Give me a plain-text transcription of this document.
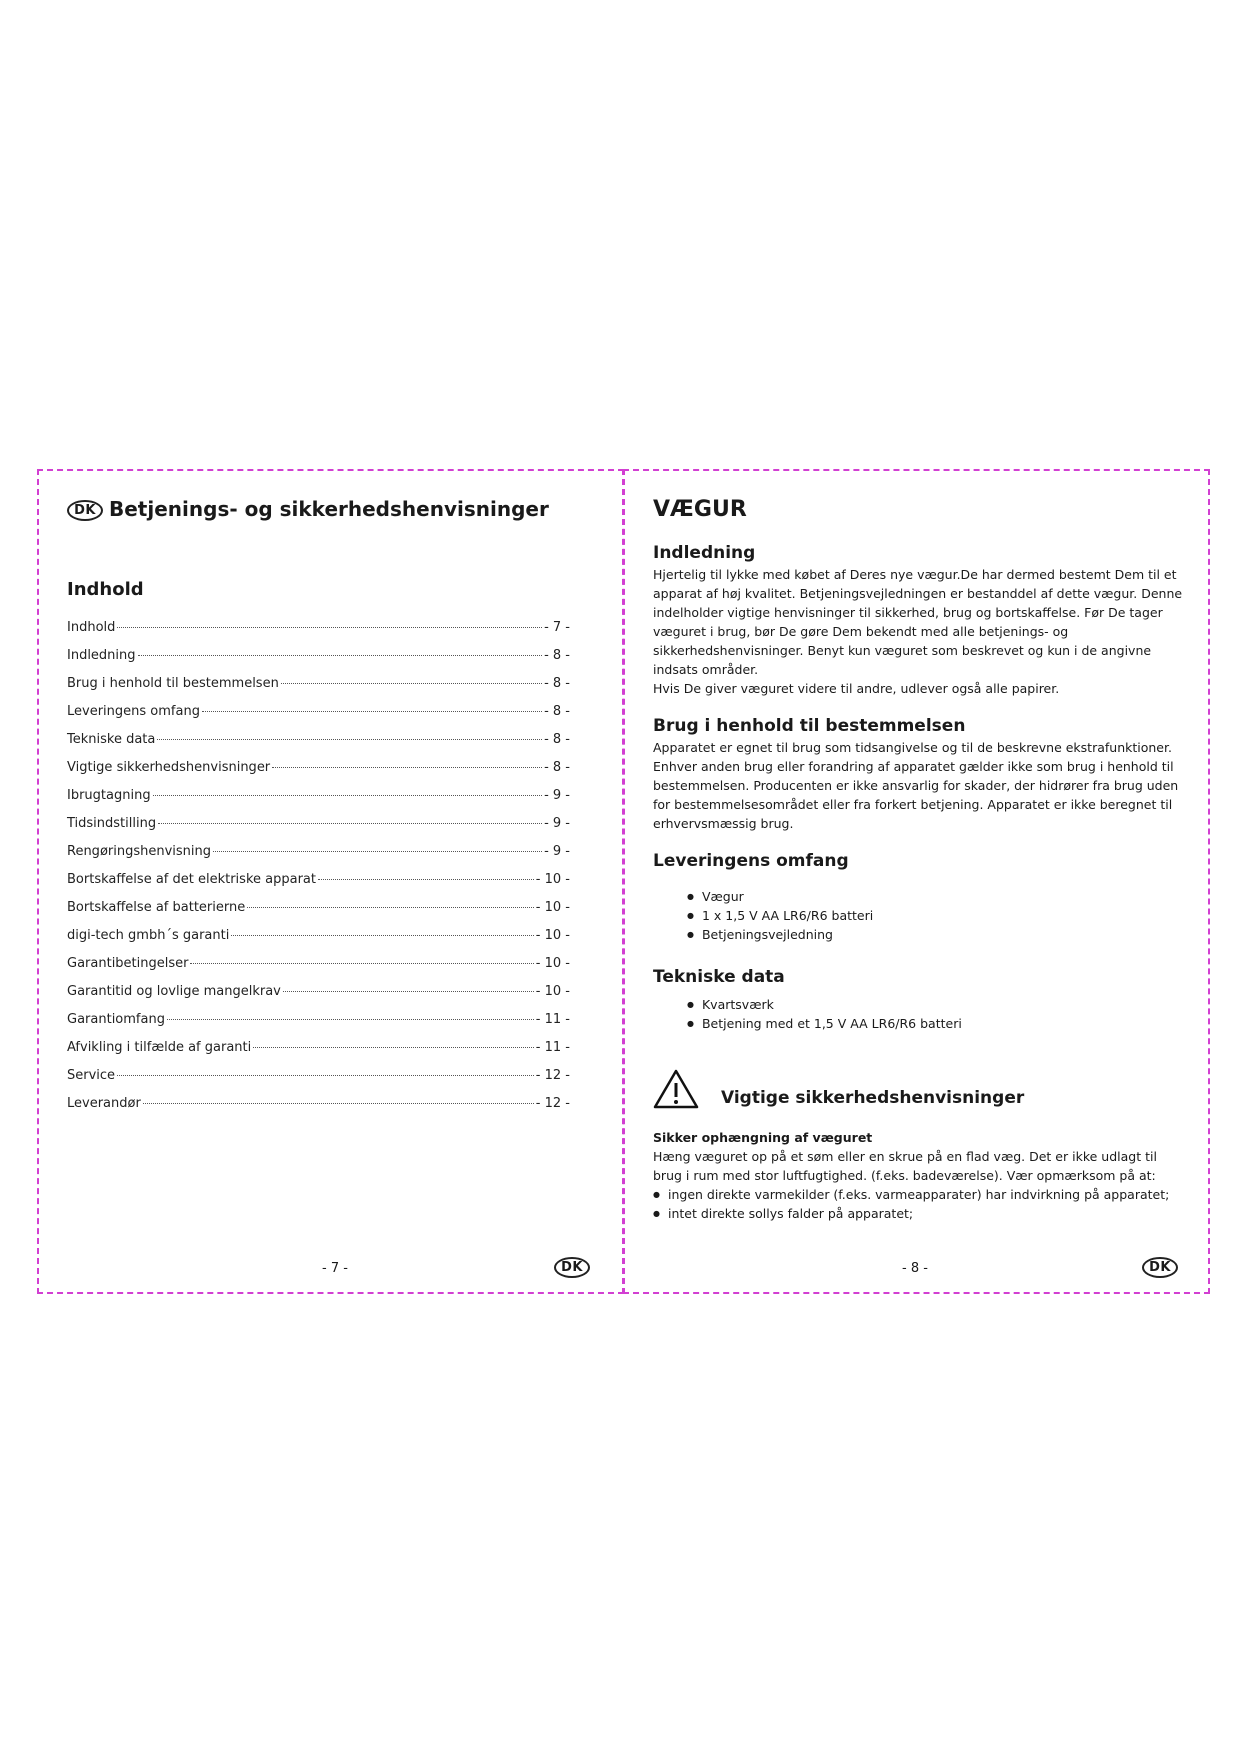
DK Betjenings- og sikkerhedshenvisninger
Indhold
Indhold	- 7 -
Indledning	- 8 -
Brug i henhold til bestemmelsen	- 8 -
Leveringens omfang	- 8 -
Tekniske data	- 8 -
Vigtige sikkerhedshenvisninger	- 8 -
Ibrugtagning	- 9 -
Tidsindstilling	- 9 -
Rengøringshenvisning	- 9 -
Bortskaffelse af det elektriske apparat	- 10 -
Bortskaffelse af batterierne	- 10 -
digi-tech gmbh´s garanti	- 10 -
Garantibetingelser	- 10 -
Garantitid og lovlige mangelkrav	- 10 -
Garantiomfang	- 11 -
Afvikling i tilfælde af garanti	- 11 -
Service	- 12 -
Leverandør	- 12 -
- 7 -	DK
VÆGUR
Indledning

Hjertelig til lykke med købet af Deres nye vægur.De har dermed bestemt Dem til et apparat af høj kvalitet. Betjeningsvejledningen er bestanddel af dette vægur. Denne indelholder vigtige henvisninger til sikkerhed, brug og bortskaffelse. Før De tager væguret i brug, bør De gøre Dem bekendt med alle betjenings- og sikkerhedshenvisninger. Benyt kun væguret som beskrevet og kun i de angivne indsats områder.

Hvis De giver væguret videre til andre, udlever også alle papirer.

Brug i henhold til bestemmelsen

Apparatet er egnet til brug som tidsangivelse og til de beskrevne ekstrafunktioner. Enhver anden brug eller forandring af apparatet gælder ikke som brug i henhold til bestemmelsen. Producenten er ikke ansvarlig for skader, der hidrører fra brug uden for bestemmelsesområdet eller fra forkert betjening. Apparatet er ikke beregnet til erhvervsmæssig brug.

Leveringens omfang
● Vægur
● 1 x 1,5 V AA LR6/R6 batteri
● Betjeningsvejledning
Tekniske data
● Kvartsværk
● Betjening med et 1,5 V AA LR6/R6 batteri
Vigtige sikkerhedshenvisninger

Sikker ophængning af væguret

Hæng væguret op på et søm eller en skrue på en flad væg. Det er ikke udlagt til brug i rum med stor luftfugtighed. (f.eks. badeværelse). Vær opmærksom på at:

● ingen direkte varmekilder (f.eks. varmeapparater) har indvirkning på apparatet;
● intet direkte sollys falder på apparatet;
- 8 -	DK
